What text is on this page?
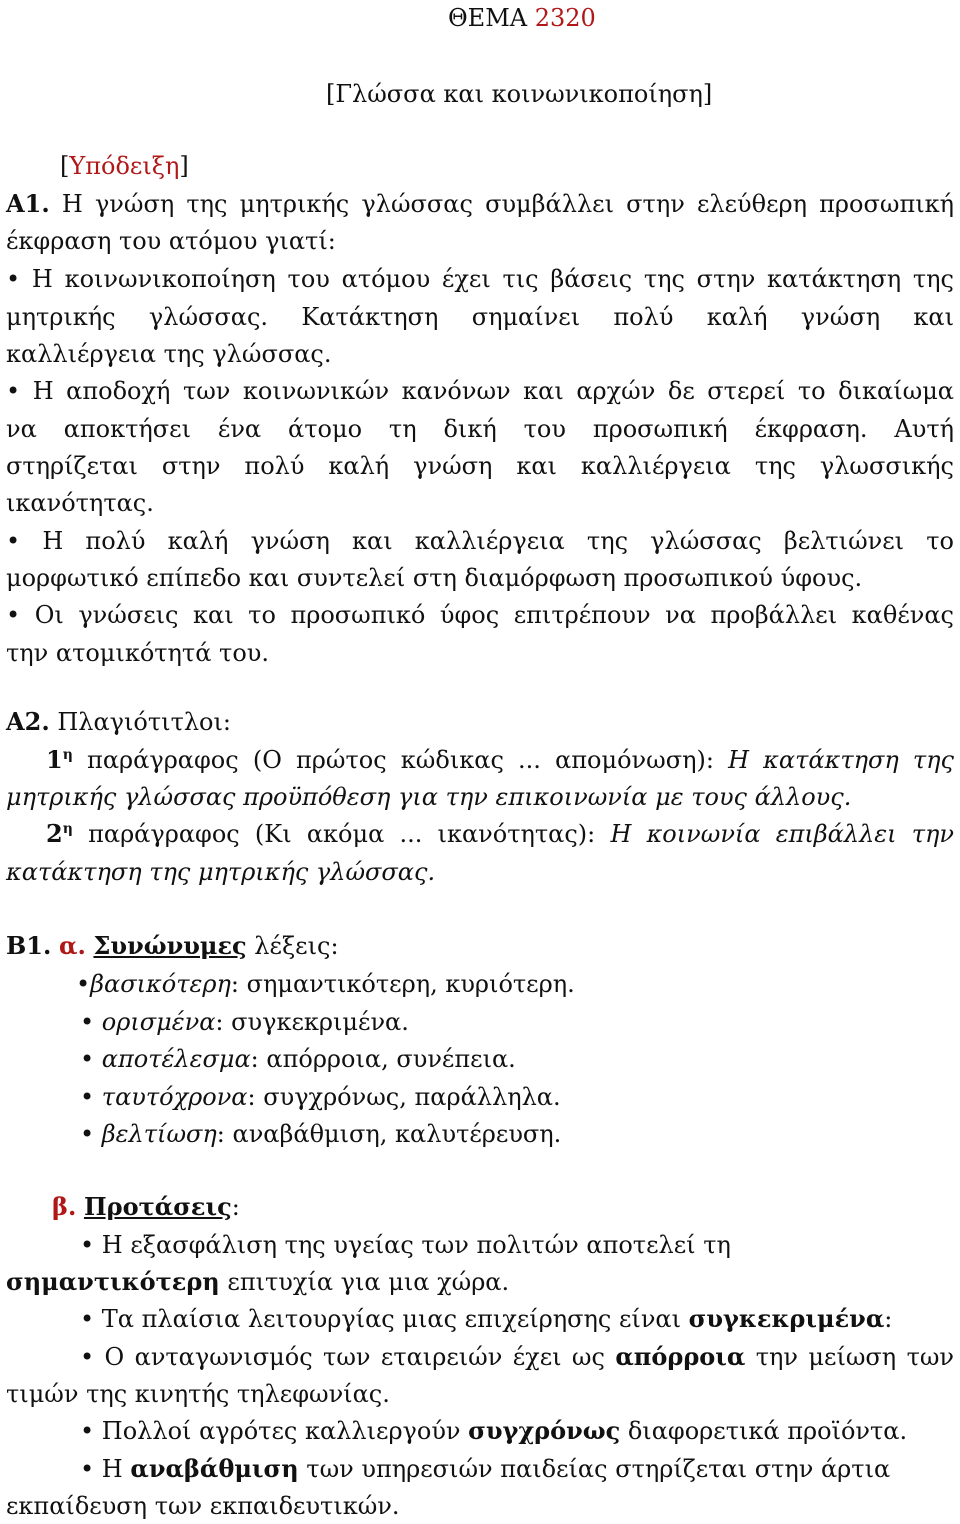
ΘΕΜΑ 2320
[Γλώσσα και κοινωνικοποίηση]
[Υπόδειξη]
Α1. Η γνώση της μητρικής γλώσσας συμβάλλει στην ελεύθερη προσωπική
έκφραση του ατόμου γιατί:
• Η κοινωνικοποίηση του ατόμου έχει τις βάσεις της στην κατάκτηση της
μητρικής γλώσσας. Κατάκτηση σημαίνει πολύ καλή γνώση και
καλλιέργεια της γλώσσας.
• Η αποδοχή των κοινωνικών κανόνων και αρχών δε στερεί το δικαίωμα
να αποκτήσει ένα άτομο τη δική του προσωπική έκφραση. Αυτή
στηρίζεται στην πολύ καλή γνώση και καλλιέργεια της γλωσσικής
ικανότητας.
• Η πολύ καλή γνώση και καλλιέργεια της γλώσσας βελτιώνει το
μορφωτικό επίπεδο και συντελεί στη διαμόρφωση προσωπικού ύφους.
• Οι γνώσεις και το προσωπικό ύφος επιτρέπουν να προβάλλει καθένας
την ατομικότητά του.
Α2. Πλαγιότιτλοι:
$1^\eta$ παράγραφος (Ο πρώτος κώδικας ... απομόνωση): Η κατάκτηση της
μητρικής γλώσσας προϋπόθεση για την επικοινωνία με τους άλλους.
$2^\eta$ παράγραφος (Κι ακόμα ... ικανότητας): Η κοινωνία επιβάλλει την
κατάκτηση της μητρικής γλώσσας.
Β1. α. Συνώνυμες λέξεις:
•βασικότερη: σημαντικότερη, κυριότερη.
• ορισμένα: συγκεκριμένα.
• αποτέλεσμα: απόρροια, συνέπεια.
• ταυτόχρονα: συγχρόνως, παράλληλα.
• βελτίωση: αναβάθμιση, καλυτέρευση.
β. Προτάσεις:
• Η εξασφάλιση της υγείας των πολιτών αποτελεί τη
σημαντικότερη επιτυχία για μια χώρα.
• Τα πλαίσια λειτουργίας μιας επιχείρησης είναι συγκεκριμένα:
• Ο ανταγωνισμός των εταιρειών έχει ως απόρροια την μείωση των
τιμών της κινητής τηλεφωνίας.
• Πολλοί αγρότες καλλιεργούν συγχρόνως διαφορετικά προϊόντα.
• Η αναβάθμιση των υπηρεσιών παιδείας στηρίζεται στην άρτια
εκπαίδευση των εκπαιδευτικών.
